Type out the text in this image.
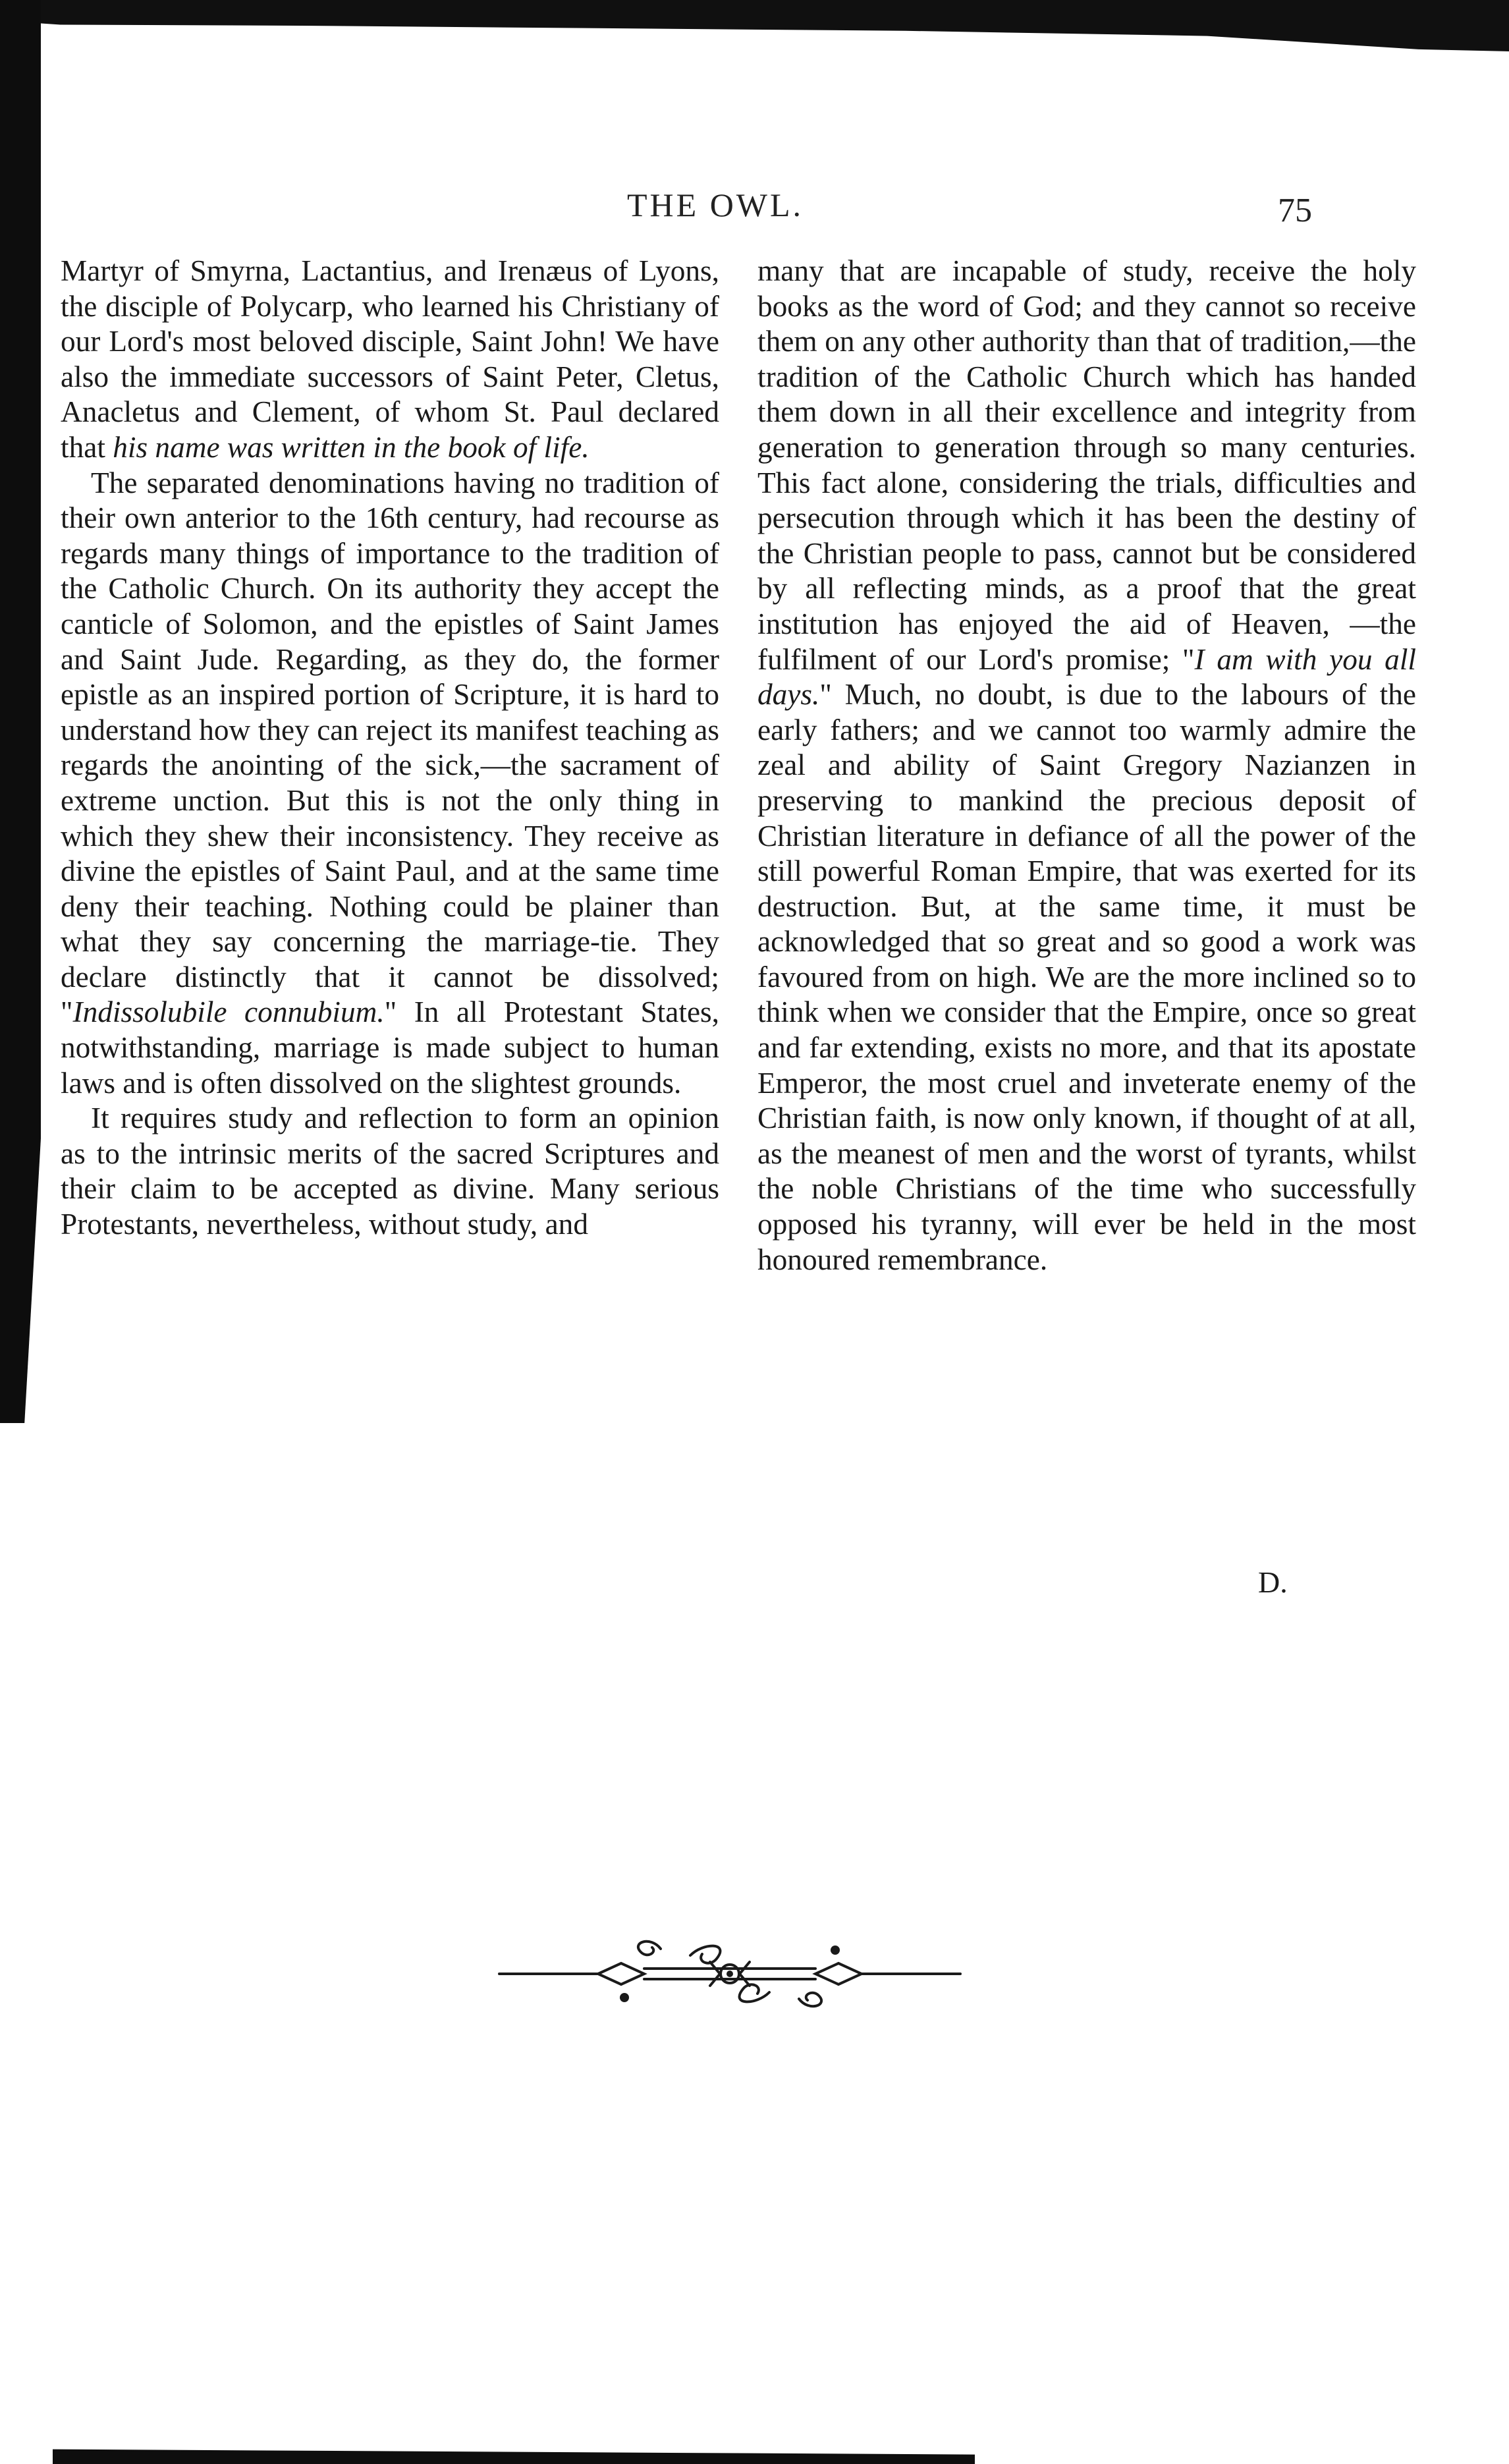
THE OWL.	75

Martyr of Smyrna, Lactantius, and Irenæus of Lyons, the disciple of Polycarp, who learned his Christiany of our Lord's most beloved disciple, Saint John! We have also the immediate successors of Saint Peter, Cletus, Anacletus and Clement, of whom St. Paul declared that his name was written in the book of life.

The separated denominations having no tradition of their own anterior to the 16th century, had recourse as regards many things of importance to the tradition of the Catholic Church. On its authority they accept the canticle of Solomon, and the epistles of Saint James and Saint Jude. Regarding, as they do, the former epistle as an inspired portion of Scripture, it is hard to understand how they can reject its manifest teaching as regards the anointing of the sick,—the sacrament of extreme unction. But this is not the only thing in which they shew their inconsistency. They receive as divine the epistles of Saint Paul, and at the same time deny their teaching. Nothing could be plainer than what they say concerning the marriage-tie. They declare distinctly that it cannot be dissolved; "Indissolubile connubium." In all Protestant States, notwithstanding, marriage is made subject to human laws and is often dissolved on the slightest grounds.

It requires study and reflection to form an opinion as to the intrinsic merits of the sacred Scriptures and their claim to be accepted as divine. Many serious Protestants, nevertheless, without study, and

many that are incapable of study, receive the holy books as the word of God; and they cannot so receive them on any other authority than that of tradition,—the tradition of the Catholic Church which has handed them down in all their excellence and integrity from generation to generation through so many centuries. This fact alone, considering the trials, difficulties and persecution through which it has been the destiny of the Christian people to pass, cannot but be considered by all reflecting minds, as a proof that the great institution has enjoyed the aid of Heaven, —the fulfilment of our Lord's promise; "I am with you all days." Much, no doubt, is due to the labours of the early fathers; and we cannot too warmly admire the zeal and ability of Saint Gregory Nazianzen in preserving to mankind the precious deposit of Christian literature in defiance of all the power of the still powerful Roman Empire, that was exerted for its destruction. But, at the same time, it must be acknowledged that so great and so good a work was favoured from on high. We are the more inclined so to think when we consider that the Empire, once so great and far extending, exists no more, and that its apostate Emperor, the most cruel and inveterate enemy of the Christian faith, is now only known, if thought of at all, as the meanest of men and the worst of tyrants, whilst the noble Christians of the time who successfully opposed his tyranny, will ever be held in the most honoured remembrance.

D.
